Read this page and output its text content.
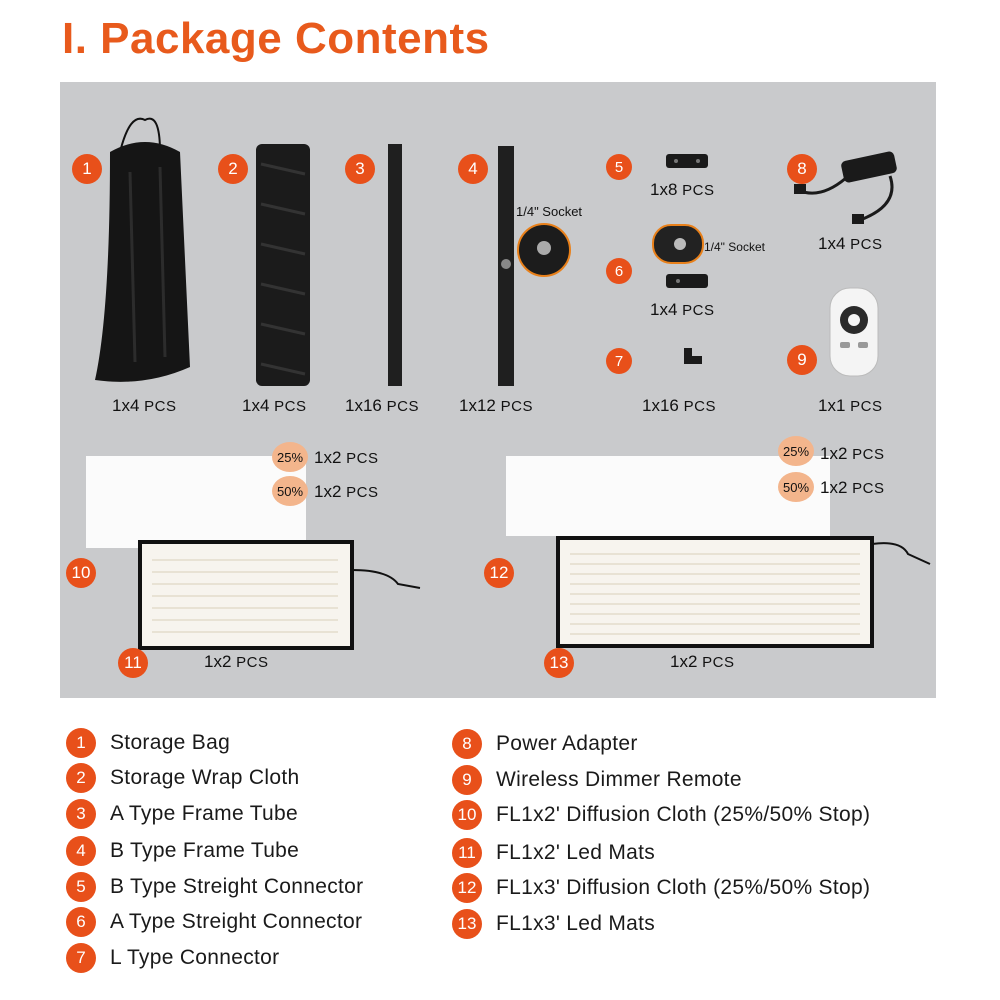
I. Package Contents
1
1x4 PCS
2
1x4 PCS
3
1x16 PCS
4
1/4" Socket
1x12 PCS
5
1x8 PCS
6
1/4" Socket
1x4 PCS
7
1x16 PCS
8
1x4 PCS
9
1x1 PCS
25% 1x2 PCS
50% 1x2 PCS
10
11	1x2 PCS
25% 1x2 PCS
50% 1x2 PCS
12
13	1x2 PCS
1	Storage Bag
2	Storage Wrap Cloth
3	A Type Frame Tube
4	B Type Frame Tube
5	B Type Streight Connector
6	A Type Streight Connector
7	L Type Connector
8	Power Adapter
9	Wireless Dimmer Remote
10 FL1x2' Diffusion Cloth (25%/50% Stop)
11 FL1x2' Led Mats
12 FL1x3' Diffusion Cloth (25%/50% Stop)
13 FL1x3' Led Mats
